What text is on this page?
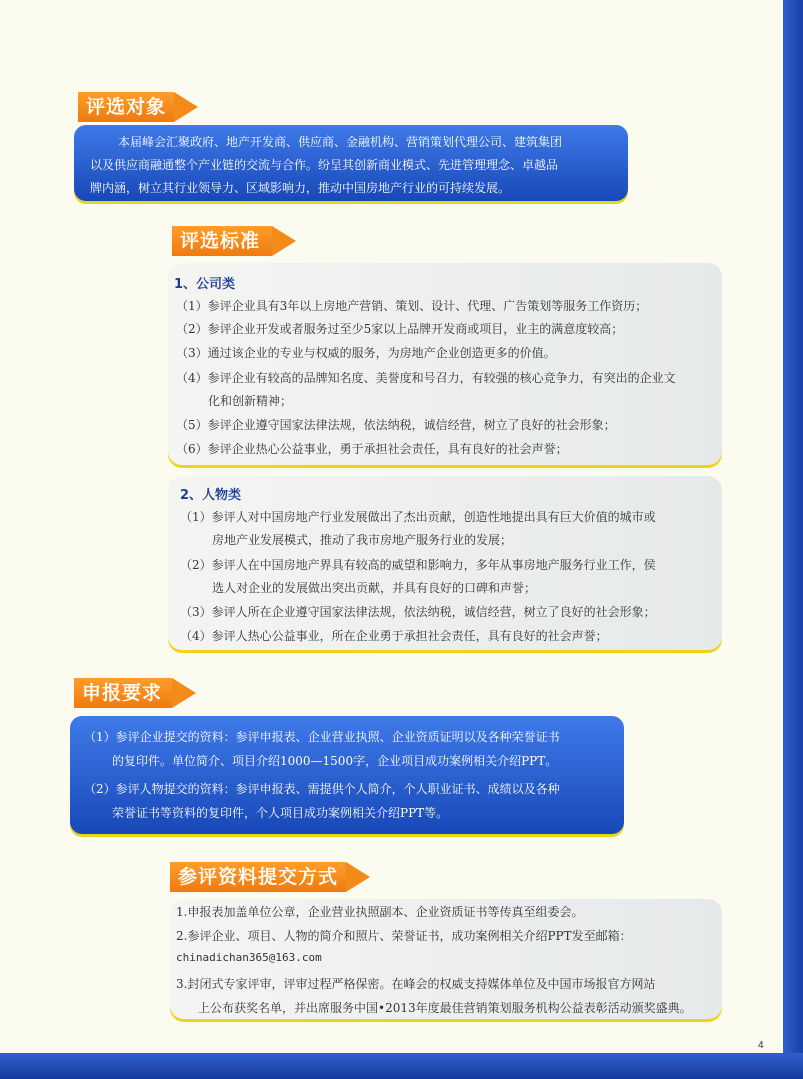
评选对象
本届峰会汇聚政府、地产开发商、供应商、金融机构、营销策划代理公司、建筑集团
以及供应商融通整个产业链的交流与合作。纷呈其创新商业模式、先进管理理念、卓越品
牌内涵，树立其行业领导力、区域影响力，推动中国房地产行业的可持续发展。
评选标准
1、公司类
（1）参评企业具有3年以上房地产营销、策划、设计、代理、广告策划等服务工作资历；
（2）参评企业开发或者服务过至少5家以上品牌开发商或项目，业主的满意度较高；
（3）通过该企业的专业与权威的服务，为房地产企业创造更多的价值。
（4）参评企业有较高的品牌知名度、美誉度和号召力，有较强的核心竞争力，有突出的企业文
化和创新精神；
（5）参评企业遵守国家法律法规，依法纳税，诚信经营，树立了良好的社会形象；
（6）参评企业热心公益事业，勇于承担社会责任，具有良好的社会声誉；
2、人物类
（1）参评人对中国房地产行业发展做出了杰出贡献，创造性地提出具有巨大价值的城市或
房地产业发展模式，推动了我市房地产服务行业的发展；
（2）参评人在中国房地产界具有较高的威望和影响力，多年从事房地产服务行业工作，侯
选人对企业的发展做出突出贡献，并具有良好的口碑和声誉；
（3）参评人所在企业遵守国家法律法规，依法纳税，诚信经营，树立了良好的社会形象；
（4）参评人热心公益事业，所在企业勇于承担社会责任，具有良好的社会声誉；
申报要求
（1）参评企业提交的资料：参评申报表、企业营业执照、企业资质证明以及各种荣誉证书
的复印件。单位简介、项目介绍1000—1500字，企业项目成功案例相关介绍PPT。
（2）参评人物提交的资料：参评申报表、需提供个人简介，个人职业证书、成绩以及各种
荣誉证书等资料的复印件，个人项目成功案例相关介绍PPT等。
参评资料提交方式
1.申报表加盖单位公章，企业营业执照副本、企业资质证书等传真至组委会。
2.参评企业、项目、人物的简介和照片、荣誉证书，成功案例相关介绍PPT发至邮箱：
chinadichan365@163.com
3.封闭式专家评审，评审过程严格保密。在峰会的权威支持媒体单位及中国市场报官方网站
上公布获奖名单，并出席服务中国•2013年度最佳营销策划服务机构公益表彰活动颁奖盛典。
4
